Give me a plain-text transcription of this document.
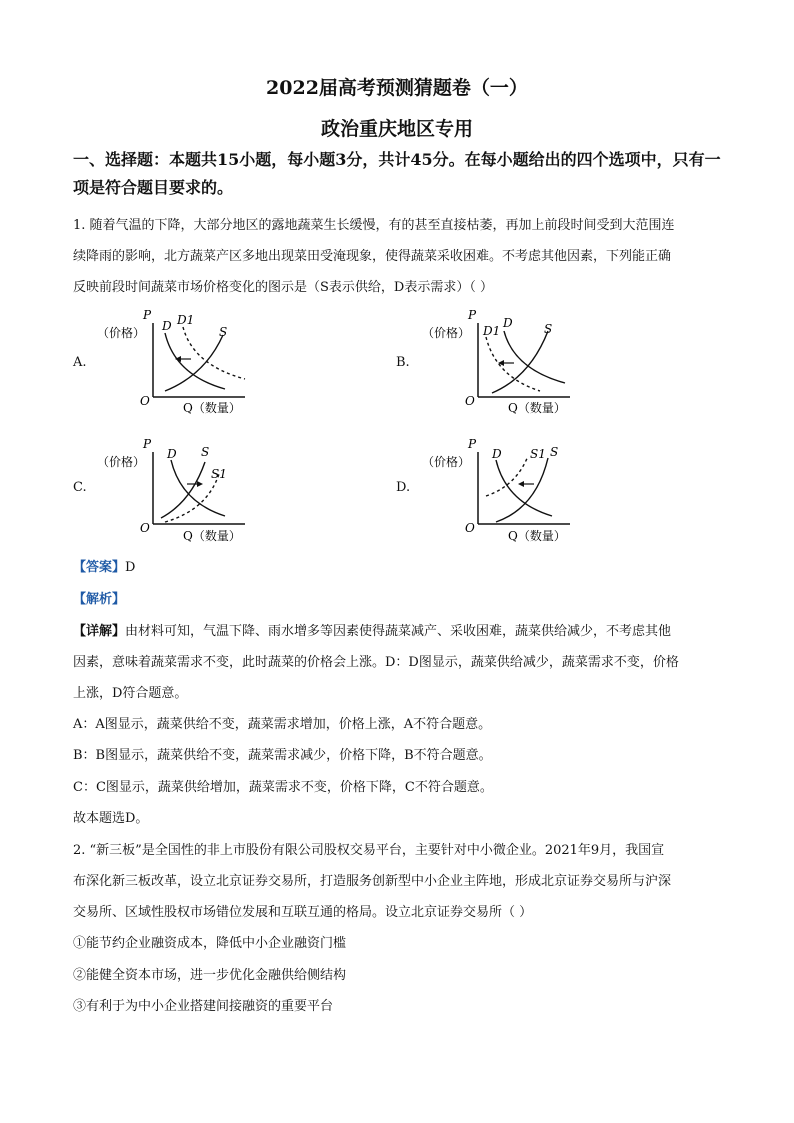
2022届高考预测猜题卷（一）
政治重庆地区专用
一、选择题：本题共15小题，每小题3分，共计45分。在每小题给出的四个选项中，只有一项是符合题目要求的。
1. 随着气温的下降，大部分地区的露地蔬菜生长缓慢，有的甚至直接枯萎，再加上前段时间受到大范围连
续降雨的影响，北方蔬菜产区多地出现菜田受淹现象，使得蔬菜采收困难。不考虑其他因素，下列能正确
反映前段时间蔬菜市场价格变化的图示是（S表示供给，D表示需求）（ ）
A.	B.
C.	D.
P
（价格）
O	Q（数量）
D D1
S
P
（价格）
O	Q（数量）
D1
D	S
P
（价格）
O
Q（数量）
D S
S1
P
（价格）
O
Q（数量）
D S1 S
【答案】D
【解析】
【详解】由材料可知，气温下降、雨水增多等因素使得蔬菜减产、采收困难，蔬菜供给减少，不考虑其他
因素，意味着蔬菜需求不变，此时蔬菜的价格会上涨。D：D图显示，蔬菜供给减少，蔬菜需求不变，价格
上涨，D符合题意。
A：A图显示，蔬菜供给不变，蔬菜需求增加，价格上涨，A不符合题意。
B：B图显示，蔬菜供给不变，蔬菜需求减少，价格下降，B不符合题意。
C：C图显示，蔬菜供给增加，蔬菜需求不变，价格下降，C不符合题意。
故本题选D。
2. “新三板”是全国性的非上市股份有限公司股权交易平台，主要针对中小微企业。2021年9月，我国宣
布深化新三板改革，设立北京证券交易所，打造服务创新型中小企业主阵地，形成北京证券交易所与沪深
交易所、区域性股权市场错位发展和互联互通的格局。设立北京证券交易所（ ）
①能节约企业融资成本，降低中小企业融资门槛
②能健全资本市场，进一步优化金融供给侧结构
③有利于为中小企业搭建间接融资的重要平台
